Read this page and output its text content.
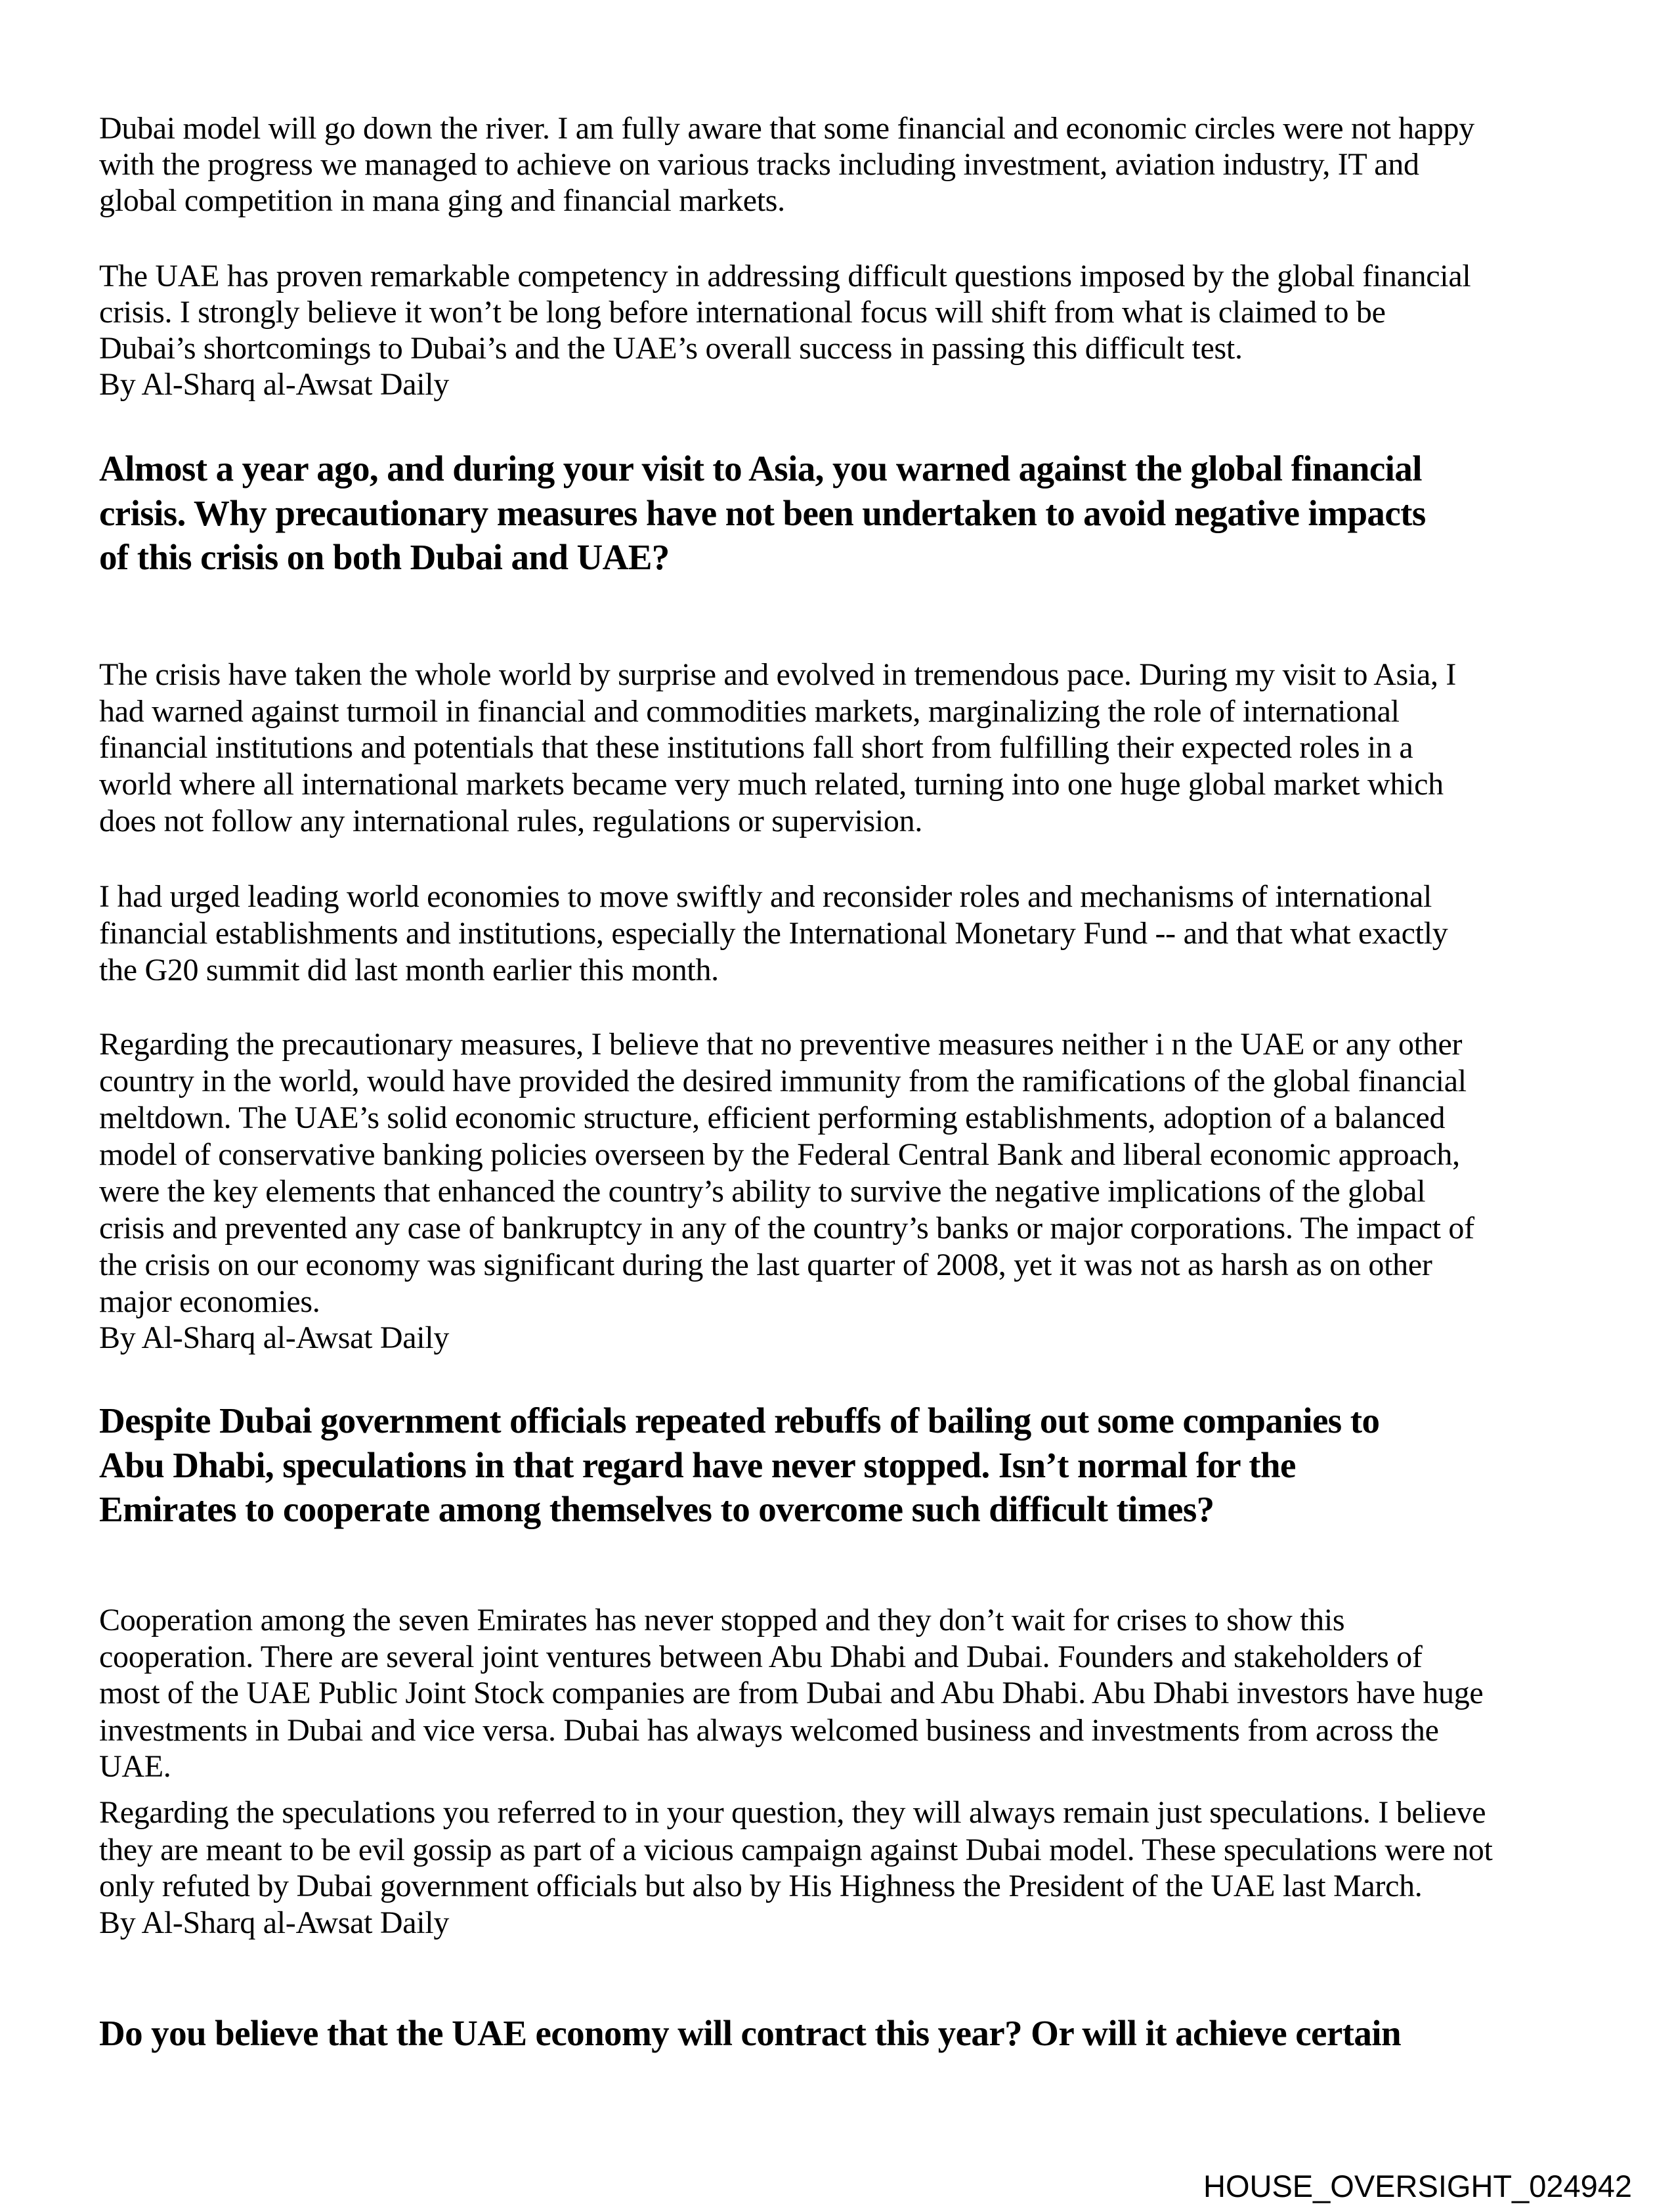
Dubai model will go down the river. I am fully aware that some financial and economic circles were not happy

with the progress we managed to achieve on various tracks including investment, aviation industry, IT and

global competition in mana ging and financial markets.

The UAE has proven remarkable competency in addressing difficult questions imposed by the global financial

crisis. I strongly believe it won’t be long before international focus will shift from what is claimed to be

Dubai’s shortcomings to Dubai’s and the UAE’s overall success in passing this difficult test.

By Al-Sharq al-Awsat Daily

Almost a year ago, and during your visit to Asia, you warned against the global financial

crisis. Why precautionary measures have not been undertaken to avoid negative impacts

of this crisis on both Dubai and UAE?

The crisis have taken the whole world by surprise and evolved in tremendous pace. During my visit to Asia, I

had warned against turmoil in financial and commodities markets, marginalizing the role of international

financial institutions and potentials that these institutions fall short from fulfilling their expected roles in a

world where all international markets became very much related, turning into one huge global market which

does not follow any international rules, regulations or supervision.

I had urged leading world economies to move swiftly and reconsider roles and mechanisms of international

financial establishments and institutions, especially the International Monetary Fund -- and that what exactly

the G20 summit did last month earlier this month.

Regarding the precautionary measures, I believe that no preventive measures neither i n the UAE or any other

country in the world, would have provided the desired immunity from the ramifications of the global financial

meltdown. The UAE’s solid economic structure, efficient performing establishments, adoption of a balanced

model of conservative banking policies overseen by the Federal Central Bank and liberal economic approach,

were the key elements that enhanced the country’s ability to survive the negative implications of the global

crisis and prevented any case of bankruptcy in any of the country’s banks or major corporations. The impact of

the crisis on our economy was significant during the last quarter of 2008, yet it was not as harsh as on other

major economies.

By Al-Sharq al-Awsat Daily

Despite Dubai government officials repeated rebuffs of bailing out some companies to

Abu Dhabi, speculations in that regard have never stopped. Isn’t normal for the

Emirates to cooperate among themselves to overcome such difficult times?

Cooperation among the seven Emirates has never stopped and they don’t wait for crises to show this

cooperation. There are several joint ventures between Abu Dhabi and Dubai. Founders and stakeholders of

most of the UAE Public Joint Stock companies are from Dubai and Abu Dhabi. Abu Dhabi investors have huge

investments in Dubai and vice versa. Dubai has always welcomed business and investments from across the

UAE.

Regarding the speculations you referred to in your question, they will always remain just speculations. I believe

they are meant to be evil gossip as part of a vicious campaign against Dubai model. These speculations were not

only refuted by Dubai government officials but also by His Highness the President of the UAE last March.

By Al-Sharq al-Awsat Daily

Do you believe that the UAE economy will contract this year? Or will it achieve certain

HOUSE_OVERSIGHT_024942
